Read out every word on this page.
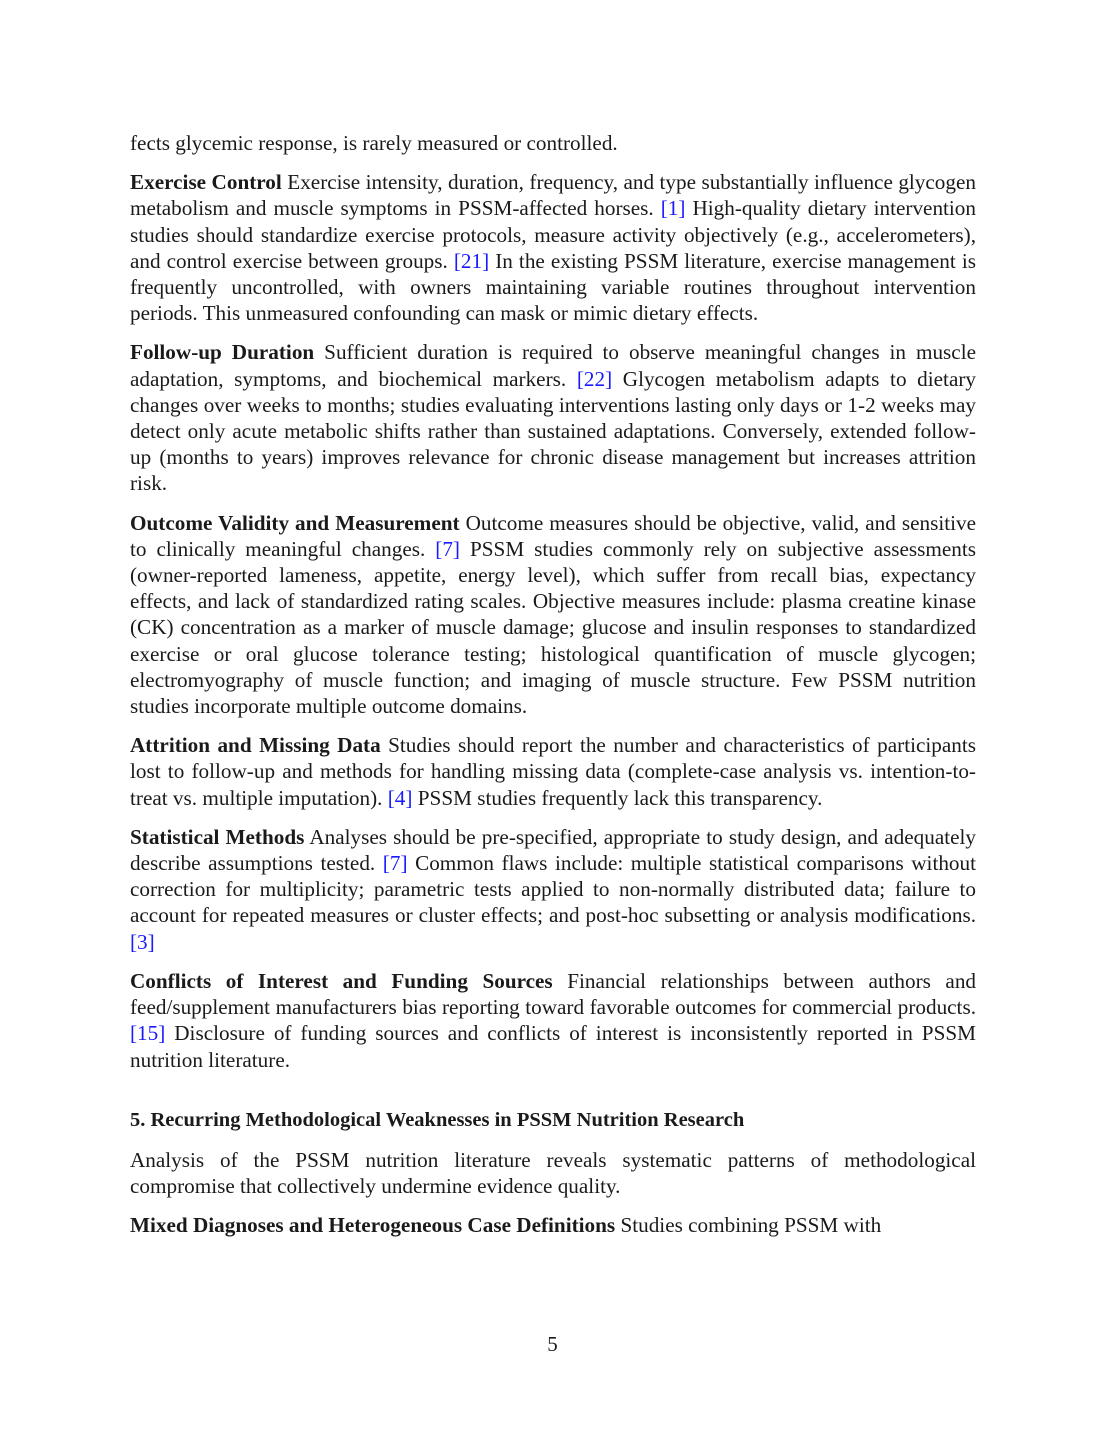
fects glycemic response, is rarely measured or controlled.

Exercise Control Exercise intensity, duration, frequency, and type substantially influence glycogen metabolism and muscle symptoms in PSSM-affected horses. [1] High-quality dietary intervention studies should standardize exercise protocols, measure activity objectively (e.g., accelerometers), and control exercise between groups. [21] In the existing PSSM literature, exercise management is frequently uncontrolled, with owners maintaining variable routines throughout intervention periods. This unmeasured confounding can mask or mimic dietary effects.

Follow-up Duration Sufficient duration is required to observe meaningful changes in muscle adaptation, symptoms, and biochemical markers. [22] Glycogen metabolism adapts to dietary changes over weeks to months; studies evaluating interventions lasting only days or 1-2 weeks may detect only acute metabolic shifts rather than sustained adaptations. Conversely, extended follow-up (months to years) improves relevance for chronic disease management but increases attrition risk.

Outcome Validity and Measurement Outcome measures should be objective, valid, and sensitive to clinically meaningful changes. [7] PSSM studies commonly rely on subjective assessments (owner-reported lameness, appetite, energy level), which suffer from recall bias, expectancy effects, and lack of standardized rating scales. Objective measures include: plasma creatine kinase (CK) concentration as a marker of muscle damage; glucose and insulin responses to standardized exercise or oral glucose tolerance testing; histological quantification of muscle glycogen; electromyography of muscle function; and imaging of muscle structure. Few PSSM nutrition studies incorporate multiple outcome domains.

Attrition and Missing Data Studies should report the number and characteristics of participants lost to follow-up and methods for handling missing data (complete-case analysis vs. intention-to-treat vs. multiple imputation). [4] PSSM studies frequently lack this transparency.

Statistical Methods Analyses should be pre-specified, appropriate to study design, and adequately describe assumptions tested. [7] Common flaws include: multiple statistical comparisons without correction for multiplicity; parametric tests applied to non-normally distributed data; failure to account for repeated measures or cluster effects; and post-hoc subsetting or analysis modifications. [3]

Conflicts of Interest and Funding Sources Financial relationships between authors and feed/supplement manufacturers bias reporting toward favorable outcomes for commercial products. [15] Disclosure of funding sources and conflicts of interest is inconsistently reported in PSSM nutrition literature.

5. Recurring Methodological Weaknesses in PSSM Nutrition Research

Analysis of the PSSM nutrition literature reveals systematic patterns of methodological compromise that collectively undermine evidence quality.

Mixed Diagnoses and Heterogeneous Case Definitions Studies combining PSSM with

5
